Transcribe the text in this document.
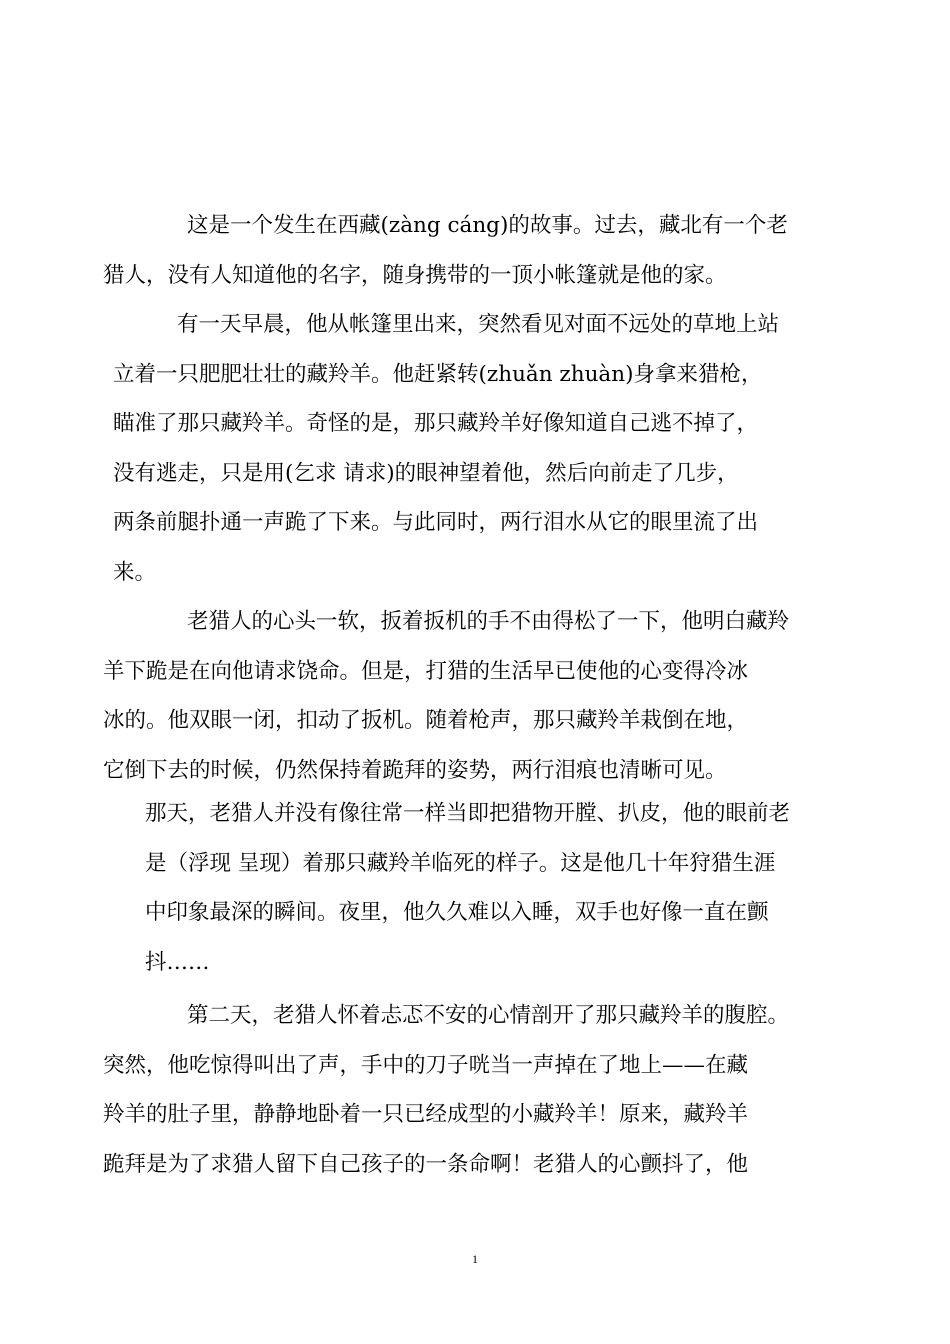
这是一个发生在西藏(zàng cáng)的故事。过去，藏北有一个老
猎人，没有人知道他的名字，随身携带的一顶小帐篷就是他的家。

有一天早晨，他从帐篷里出来，突然看见对面不远处的草地上站
立着一只肥肥壮壮的藏羚羊。他赶紧转(zhuǎn zhuàn)身拿来猎枪，
瞄准了那只藏羚羊。奇怪的是，那只藏羚羊好像知道自己逃不掉了，
没有逃走，只是用(乞求 请求)的眼神望着他，然后向前走了几步，
两条前腿扑通一声跪了下来。与此同时，两行泪水从它的眼里流了出
来。

老猎人的心头一软，扳着扳机的手不由得松了一下，他明白藏羚
羊下跪是在向他请求饶命。但是，打猎的生活早已使他的心变得冷冰
冰的。他双眼一闭，扣动了扳机。随着枪声，那只藏羚羊栽倒在地，
它倒下去的时候，仍然保持着跪拜的姿势，两行泪痕也清晰可见。

那天，老猎人并没有像往常一样当即把猎物开膛、扒皮，他的眼前老
是（浮现 呈现）着那只藏羚羊临死的样子。这是他几十年狩猎生涯
中印象最深的瞬间。夜里，他久久难以入睡，双手也好像一直在颤
抖……

第二天，老猎人怀着忐忑不安的心情剖开了那只藏羚羊的腹腔。
突然，他吃惊得叫出了声，手中的刀子咣当一声掉在了地上——在藏
羚羊的肚子里，静静地卧着一只已经成型的小藏羚羊！原来，藏羚羊
跪拜是为了求猎人留下自己孩子的一条命啊！老猎人的心颤抖了，他

1
